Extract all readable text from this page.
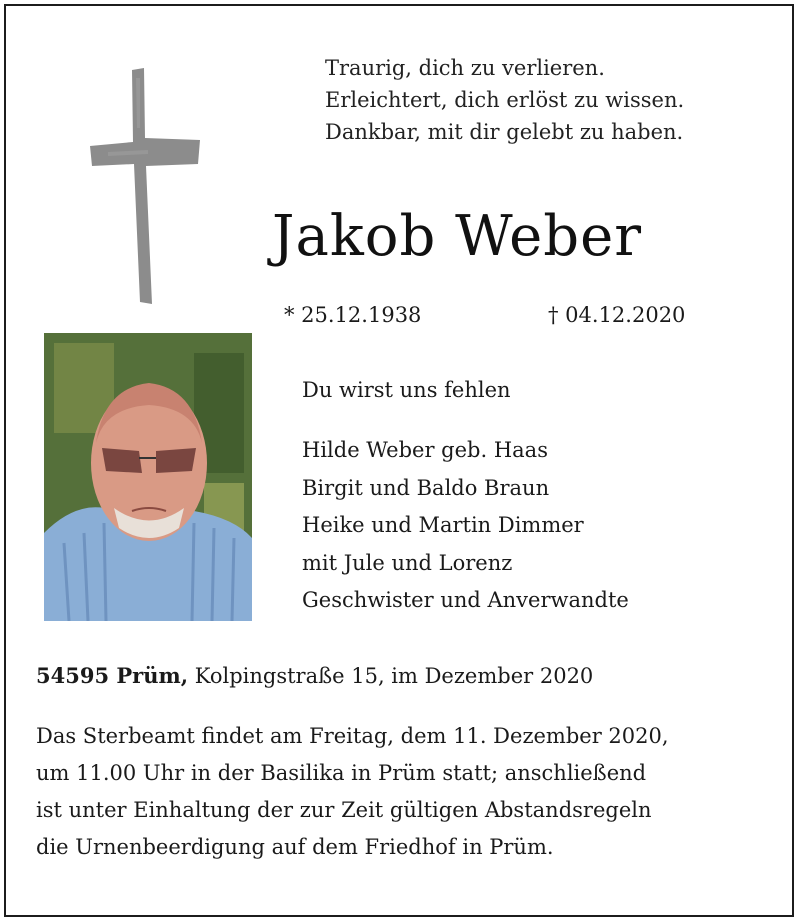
Traurig, dich zu verlieren.
Erleichtert, dich erlöst zu wissen.
Dankbar, mit dir gelebt zu haben.
Jakob Weber
* 25.12.1938	† 04.12.2020
Du wirst uns fehlen
Hilde Weber geb. Haas
Birgit und Baldo Braun
Heike und Martin Dimmer
mit Jule und Lorenz
Geschwister und Anverwandte
54595 Prüm, Kolpingstraße 15, im Dezember 2020
Das Sterbeamt findet am Freitag, dem 11. Dezember 2020,
um 11.00 Uhr in der Basilika in Prüm statt; anschließend
ist unter Einhaltung der zur Zeit gültigen Abstandsregeln
die Urnenbeerdigung auf dem Friedhof in Prüm.
